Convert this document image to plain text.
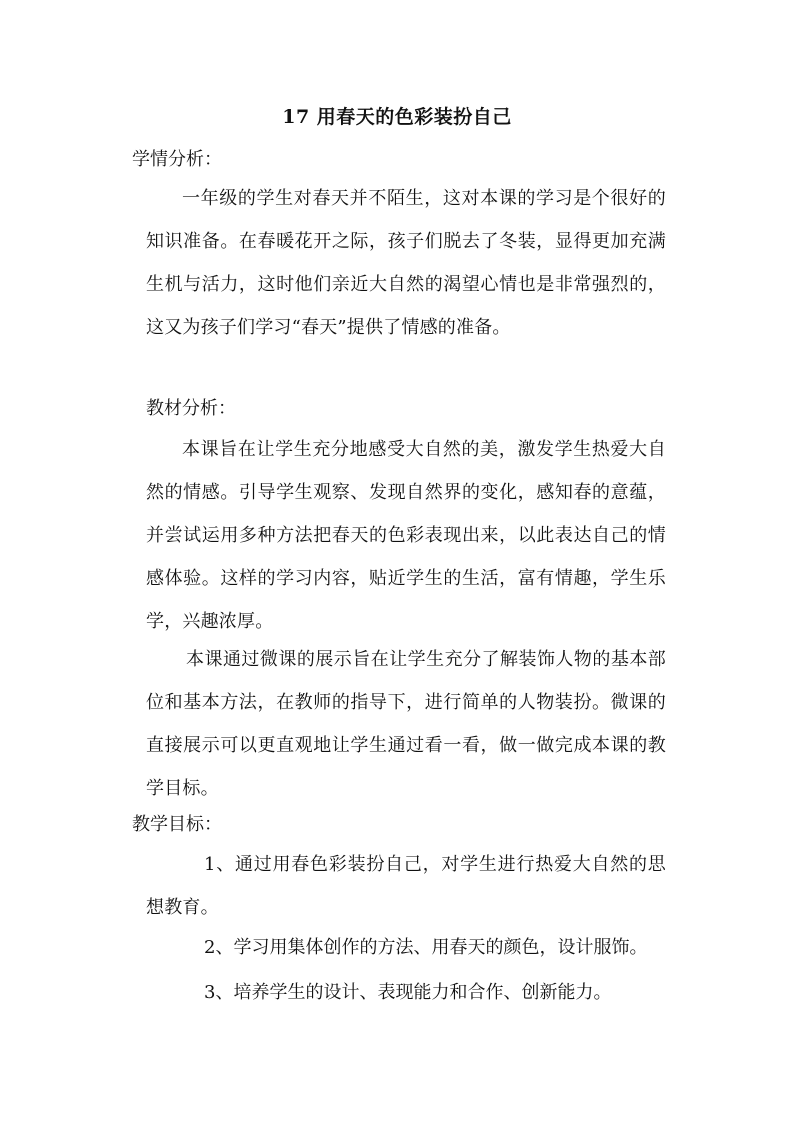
17 用春天的色彩装扮自己
学情分析：
一年级的学生对春天并不陌生，这对本课的学习是个很好的知识准备。在春暖花开之际，孩子们脱去了冬装，显得更加充满生机与活力，这时他们亲近大自然的渴望心情也是非常强烈的，这又为孩子们学习“春天”提供了情感的准备。
教材分析：
本课旨在让学生充分地感受大自然的美，激发学生热爱大自然的情感。引导学生观察、发现自然界的变化，感知春的意蕴，并尝试运用多种方法把春天的色彩表现出来，以此表达自己的情感体验。这样的学习内容，贴近学生的生活，富有情趣，学生乐学，兴趣浓厚。
本课通过微课的展示旨在让学生充分了解装饰人物的基本部位和基本方法，在教师的指导下，进行简单的人物装扮。微课的直接展示可以更直观地让学生通过看一看，做一做完成本课的教学目标。
教学目标：
1、通过用春色彩装扮自己，对学生进行热爱大自然的思想教育。
2、学习用集体创作的方法、用春天的颜色，设计服饰。
3、培养学生的设计、表现能力和合作、创新能力。
